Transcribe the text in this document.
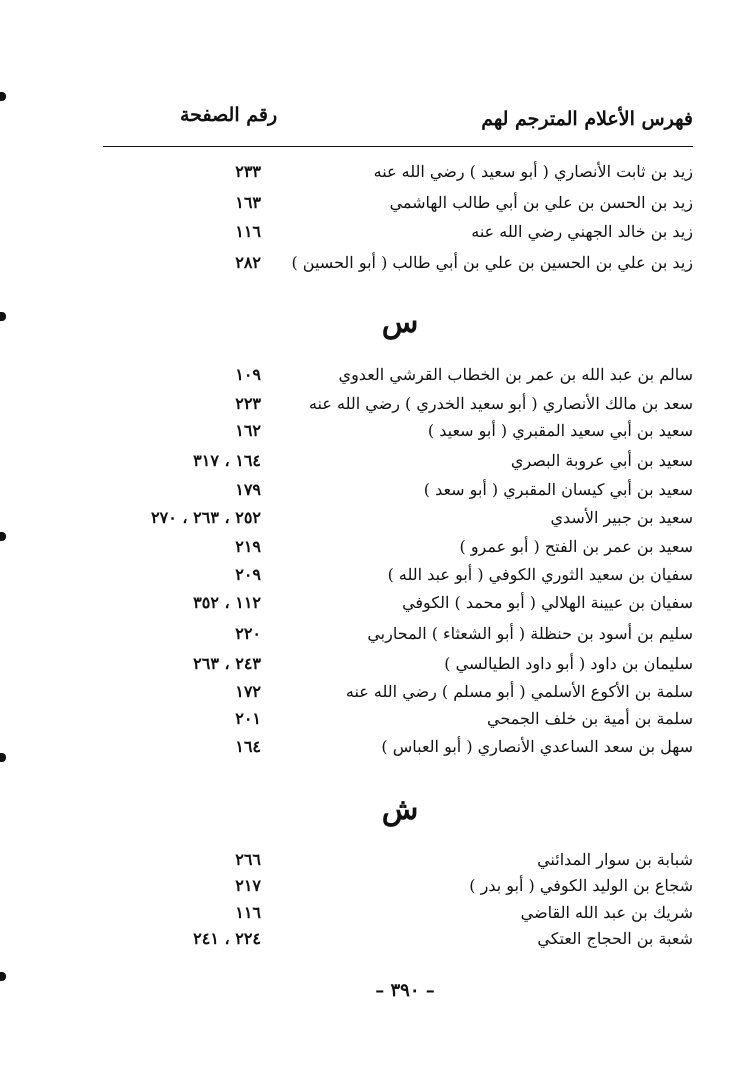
فهرس الأعلام المترجم لهم
رقم الصفحة
زيد بن ثابت الأنصاري ( أبو سعيد ) رضي الله عنه
٢٣٣
زيد بن الحسن بن علي بن أبي طالب الهاشمي
١٦٣
زيد بن خالد الجهني رضي الله عنه
١١٦
زيد بن علي بن الحسين بن علي بن أبي طالب ( أبو الحسين )
٢٨٢
س
سالم بن عبد الله بن عمر بن الخطاب القرشي العدوي
١٠٩
سعد بن مالك الأنصاري ( أبو سعيد الخدري ) رضي الله عنه
٢٢٣
سعيد بن أبي سعيد المقبري ( أبو سعيد )
١٦٢
سعيد بن أبي عروبة البصري
١٦٤ ، ٣١٧
سعيد بن أبي كيسان المقبري ( أبو سعد )
١٧٩
سعيد بن جبير الأسدي
٢٥٢ ، ٢٦٣ ، ٢٧٠
سعيد بن عمر بن الفتح ( أبو عمرو )
٢١٩
سفيان بن سعيد الثوري الكوفي ( أبو عبد الله )
٢٠٩
سفيان بن عيينة الهلالي ( أبو محمد ) الكوفي
١١٢ ، ٣٥٢
سليم بن أسود بن حنظلة ( أبو الشعثاء ) المحاربي
٢٢٠
سليمان بن داود ( أبو داود الطيالسي )
٢٤٣ ، ٢٦٣
سلمة بن الأكوع الأسلمي ( أبو مسلم ) رضي الله عنه
١٧٢
سلمة بن أمية بن خلف الجمحي
٢٠١
سهل بن سعد الساعدي الأنصاري ( أبو العباس )
١٦٤
ش
شبابة بن سوار المدائني
٢٦٦
شجاع بن الوليد الكوفي ( أبو بدر )
٢١٧
شريك بن عبد الله القاضي
١١٦
شعبة بن الحجاج العتكي
٢٢٤ ، ٢٤١
– ٣٩٠ –
